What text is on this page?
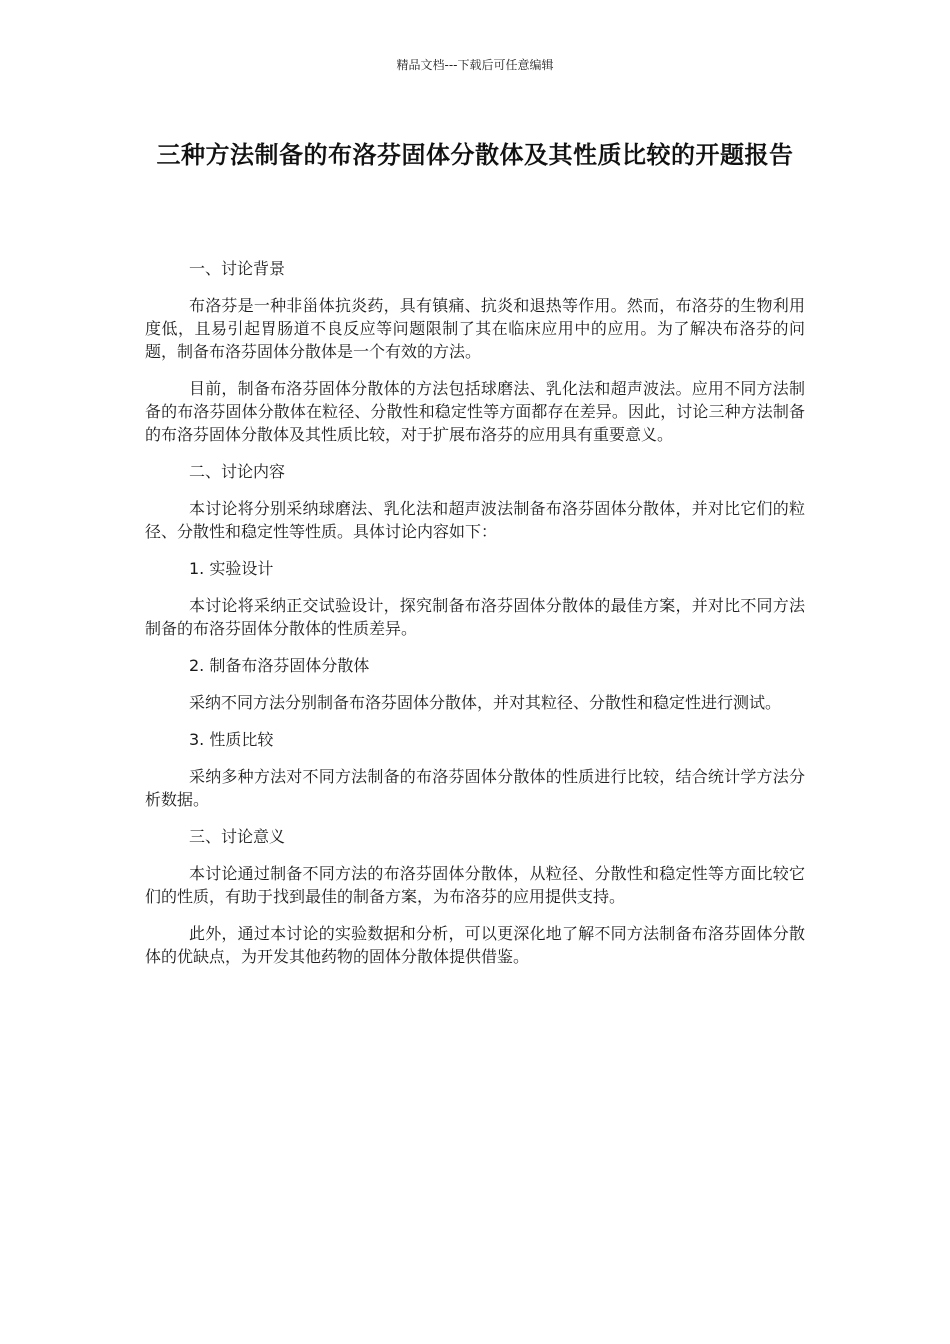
精品文档---下载后可任意编辑
三种方法制备的布洛芬固体分散体及其性质比较的开题报告
一、讨论背景

布洛芬是一种非甾体抗炎药，具有镇痛、抗炎和退热等作用。然而，布洛芬的生物利用度低，且易引起胃肠道不良反应等问题限制了其在临床应用中的应用。为了解决布洛芬的问题，制备布洛芬固体分散体是一个有效的方法。

目前，制备布洛芬固体分散体的方法包括球磨法、乳化法和超声波法。应用不同方法制备的布洛芬固体分散体在粒径、分散性和稳定性等方面都存在差异。因此，讨论三种方法制备的布洛芬固体分散体及其性质比较，对于扩展布洛芬的应用具有重要意义。

二、讨论内容

本讨论将分别采纳球磨法、乳化法和超声波法制备布洛芬固体分散体，并对比它们的粒径、分散性和稳定性等性质。具体讨论内容如下：

1. 实验设计

本讨论将采纳正交试验设计，探究制备布洛芬固体分散体的最佳方案，并对比不同方法制备的布洛芬固体分散体的性质差异。

2. 制备布洛芬固体分散体

采纳不同方法分别制备布洛芬固体分散体，并对其粒径、分散性和稳定性进行测试。

3. 性质比较

采纳多种方法对不同方法制备的布洛芬固体分散体的性质进行比较，结合统计学方法分析数据。

三、讨论意义

本讨论通过制备不同方法的布洛芬固体分散体，从粒径、分散性和稳定性等方面比较它们的性质，有助于找到最佳的制备方案，为布洛芬的应用提供支持。

此外，通过本讨论的实验数据和分析，可以更深化地了解不同方法制备布洛芬固体分散体的优缺点，为开发其他药物的固体分散体提供借鉴。
